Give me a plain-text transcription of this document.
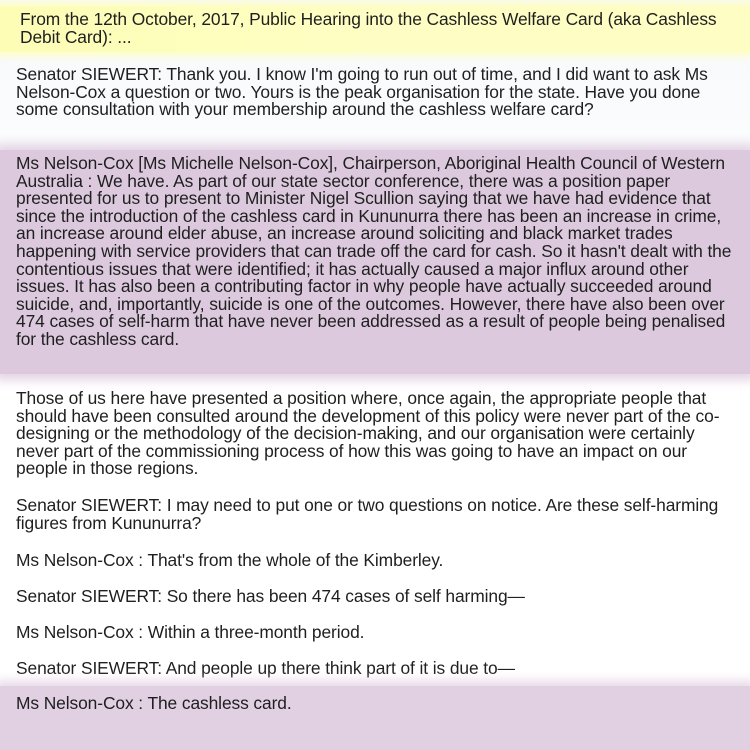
From the 12th October, 2017, Public Hearing into the Cashless Welfare Card (aka Cashless Debit Card): ...

Senator SIEWERT: Thank you. I know I'm going to run out of time, and I did want to ask Ms Nelson-Cox a question or two. Yours is the peak organisation for the state. Have you done some consultation with your membership around the cashless welfare card?

Ms Nelson-Cox [Ms Michelle Nelson-Cox], Chairperson, Aboriginal Health Council of Western Australia : We have. As part of our state sector conference, there was a position paper presented for us to present to Minister Nigel Scullion saying that we have had evidence that since the introduction of the cashless card in Kununurra there has been an increase in crime, an increase around elder abuse, an increase around soliciting and black market trades happening with service providers that can trade off the card for cash. So it hasn't dealt with the contentious issues that were identified; it has actually caused a major influx around other issues. It has also been a contributing factor in why people have actually succeeded around suicide, and, importantly, suicide is one of the outcomes. However, there have also been over 474 cases of self-harm that have never been addressed as a result of people being penalised for the cashless card.

Those of us here have presented a position where, once again, the appropriate people that should have been consulted around the development of this policy were never part of the co-designing or the methodology of the decision-making, and our organisation were certainly never part of the commissioning process of how this was going to have an impact on our people in those regions.

Senator SIEWERT: I may need to put one or two questions on notice. Are these self-harming figures from Kununurra?

Ms Nelson-Cox : That's from the whole of the Kimberley.

Senator SIEWERT: So there has been 474 cases of self harming—

Ms Nelson-Cox : Within a three-month period.

Senator SIEWERT: And people up there think part of it is due to—

Ms Nelson-Cox : The cashless card.
